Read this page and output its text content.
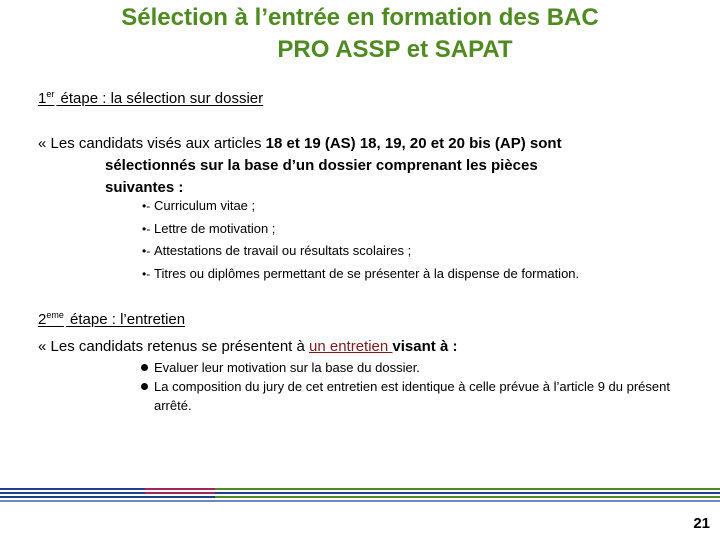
Sélection à l’entrée en formation des BAC
PRO ASSP et SAPAT
1er étape : la sélection sur dossier
« Les candidats visés aux articles 18 et 19 (AS) 18, 19, 20 et 20 bis (AP) sont
sélectionnés sur la base d’un dossier comprenant les pièces
suivantes :
•- Curriculum vitae ;
•- Lettre de motivation ;
•- Attestations de travail ou résultats scolaires ;
•- Titres ou diplômes permettant de se présenter à la dispense de formation.
2eme étape : l’entretien
« Les candidats retenus se présentent à un entretien visant à :
Evaluer leur motivation sur la base du dossier.
La composition du jury de cet entretien est identique à celle prévue à l’article 9 du présent arrêté.
21
